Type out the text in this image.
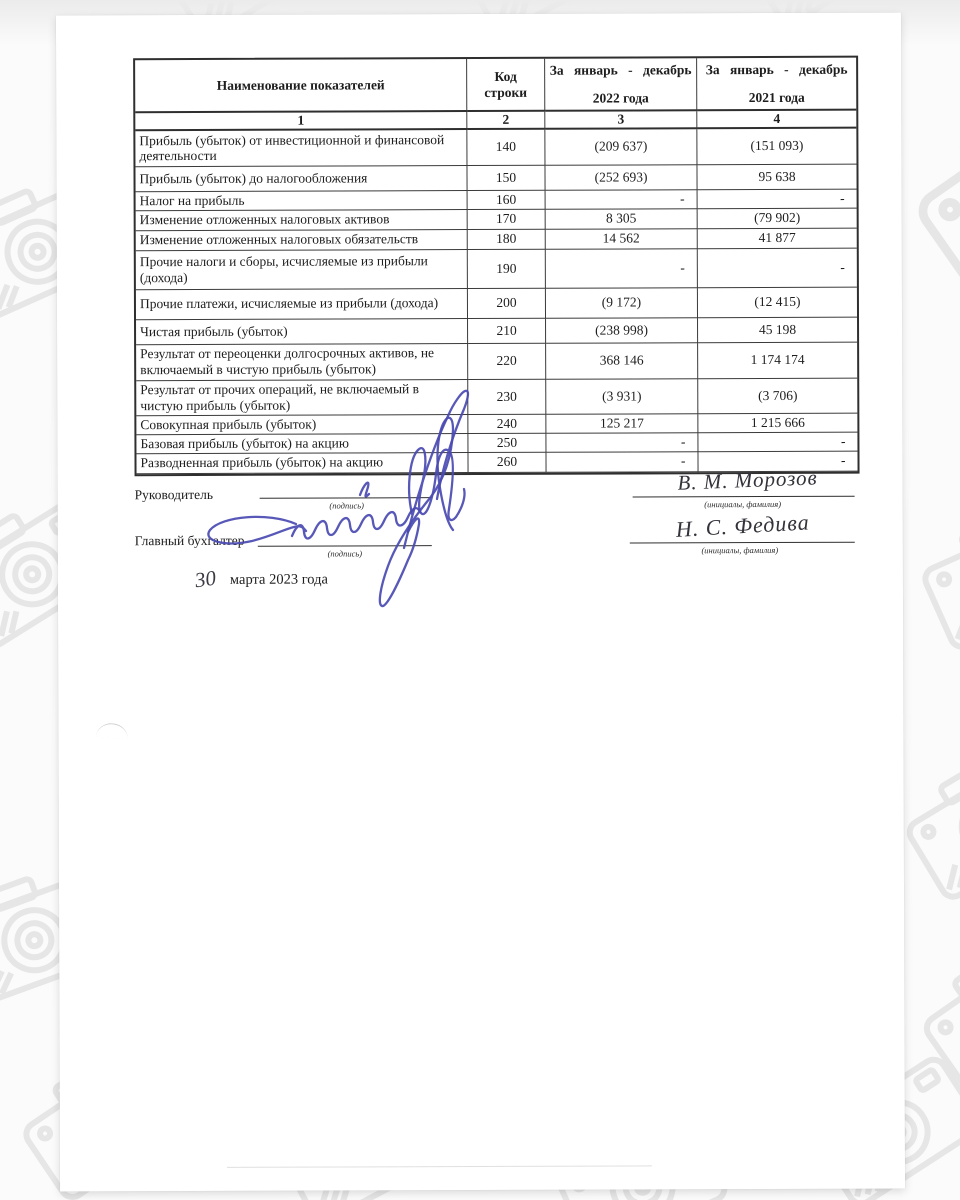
Наименование показателей
Код
строки
За январь - декабрь
2022 года
За январь - декабрь
2021 года
1	2	3	4
Прибыль (убыток) от инвестиционной и финансовой деятельности
140	(209 637)	(151 093)
Прибыль (убыток) до налогообложения	150	(252 693)	95 638
Налог на прибыль	160	-	-
Изменение отложенных налоговых активов	170	8 305	(79 902)
Изменение отложенных налоговых обязательств	180	14 562	41 877
Прочие налоги и сборы, исчисляемые из прибыли (дохода)
190	-	-
Прочие платежи, исчисляемые из прибыли (дохода)	200	(9 172)	(12 415)
Чистая прибыль (убыток)	210	(238 998)	45 198
Результат от переоценки долгосрочных активов, не включаемый в чистую прибыль (убыток)
220	368 146	1 174 174
Результат от прочих операций, не включаемый в чистую прибыль (убыток)
230	(3 931)	(3 706)
Совокупная прибыль (убыток)	240	125 217	1 215 666
Базовая прибыль (убыток) на акцию	250	-	-
Разводненная прибыль (убыток) на акцию	260	-	-
Руководитель
(подпись)
В. М. Морозов
(инициалы, фамилия)
Главный бухгалтер
(подпись)
Н. С. Федива
(инициалы, фамилия)
30 марта 2023 года
